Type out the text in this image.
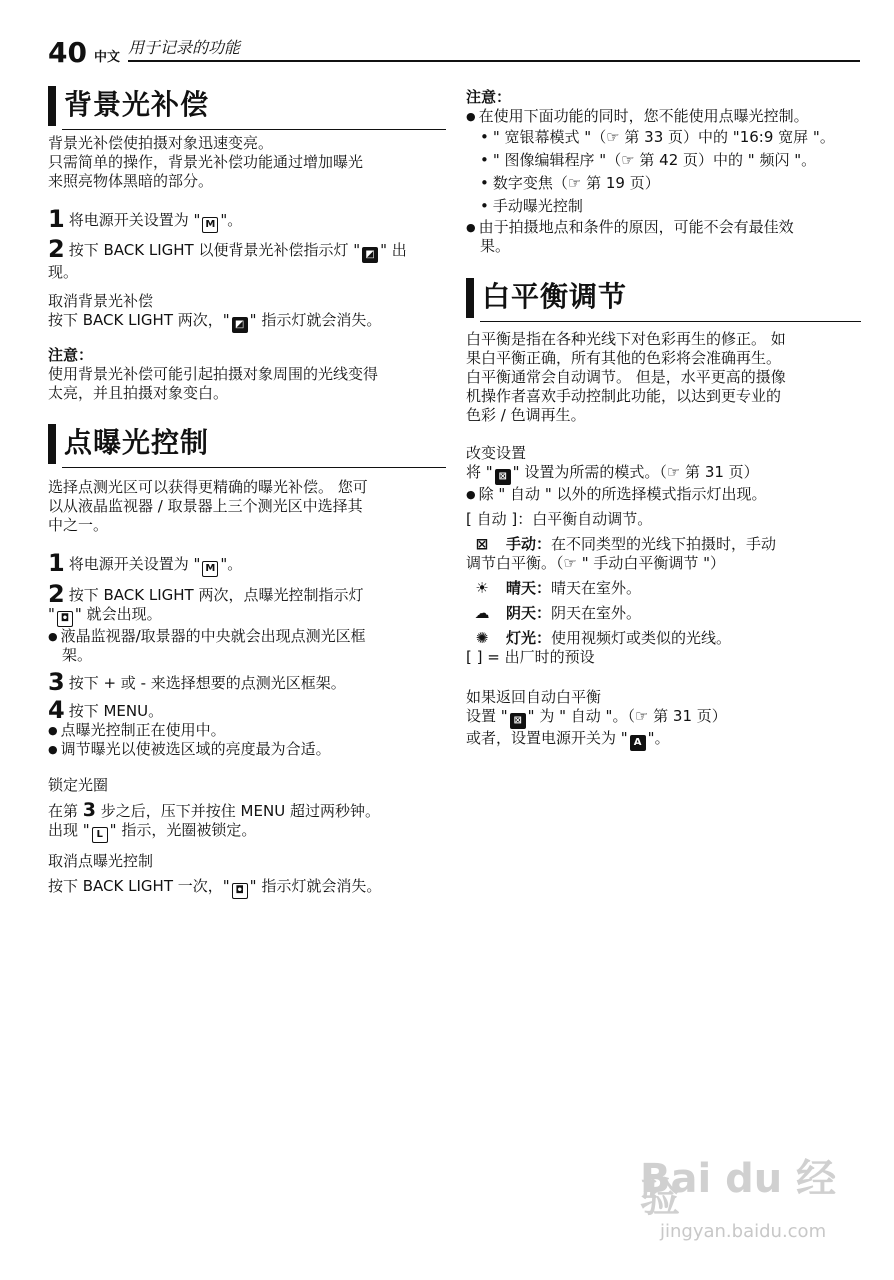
40 中文
用于记录的功能
背景光补偿

背景光补偿使拍摄对象迅速变亮。

只需简单的操作，背景光补偿功能通过增加曝光

来照亮物体黑暗的部分。

1 将电源开关设置为 " M "。

2 按下 BACK LIGHT 以便背景光补偿指示灯 " ◩ " 出

现。

取消背景光补偿

按下 BACK LIGHT 两次，" ◩ " 指示灯就会消失。

注意：

使用背景光补偿可能引起拍摄对象周围的光线变得

太亮，并且拍摄对象变白。

点曝光控制

选择点测光区可以获得更精确的曝光补偿。 您可

以从液晶监视器 / 取景器上三个测光区中选择其

中之一。

1 将电源开关设置为 " M "。

2 按下 BACK LIGHT 两次，点曝光控制指示灯

" ◘ " 就会出现。

● 液晶监视器/取景器的中央就会出现点测光区框

架。

3 按下 + 或 - 来选择想要的点测光区框架。

4 按下 MENU。

● 点曝光控制正在使用中。

● 调节曝光以使被选区域的亮度最为合适。

锁定光圈

在第 3 步之后，压下并按住 MENU 超过两秒钟。

出现 " L " 指示，光圈被锁定。

取消点曝光控制

按下 BACK LIGHT 一次，" ◘ " 指示灯就会消失。

注意：

● 在使用下面功能的同时，您不能使用点曝光控制。

• " 宽银幕模式 "（☞ 第 33 页）中的 "16:9 宽屏 "。

• " 图像编辑程序 "（☞ 第 42 页）中的 " 频闪 "。

• 数字变焦（☞ 第 19 页）

• 手动曝光控制

● 由于拍摄地点和条件的原因，可能不会有最佳效

果。

白平衡调节

白平衡是指在各种光线下对色彩再生的修正。 如

果白平衡正确，所有其他的色彩将会准确再生。

白平衡通常会自动调节。 但是，水平更高的摄像

机操作者喜欢手动控制此功能，以达到更专业的

色彩 / 色调再生。

改变设置

将 " ⊠ " 设置为所需的模式。（☞ 第 31 页）

● 除 " 自动 " 以外的所选择模式指示灯出现。

[ 自动 ]：白平衡自动调节。

⊠ 手动：在不同类型的光线下拍摄时，手动

调节白平衡。（☞ " 手动白平衡调节 "）

☀ 晴天：晴天在室外。

☁ 阴天：阴天在室外。

✺ 灯光：使用视频灯或类似的光线。

[ ] = 出厂时的预设

如果返回自动白平衡

设置 " ⊠ " 为 " 自动 "。（☞ 第 31 页）

或者，设置电源开关为 " A "。

Bai du 经验
jingyan.baidu.com
